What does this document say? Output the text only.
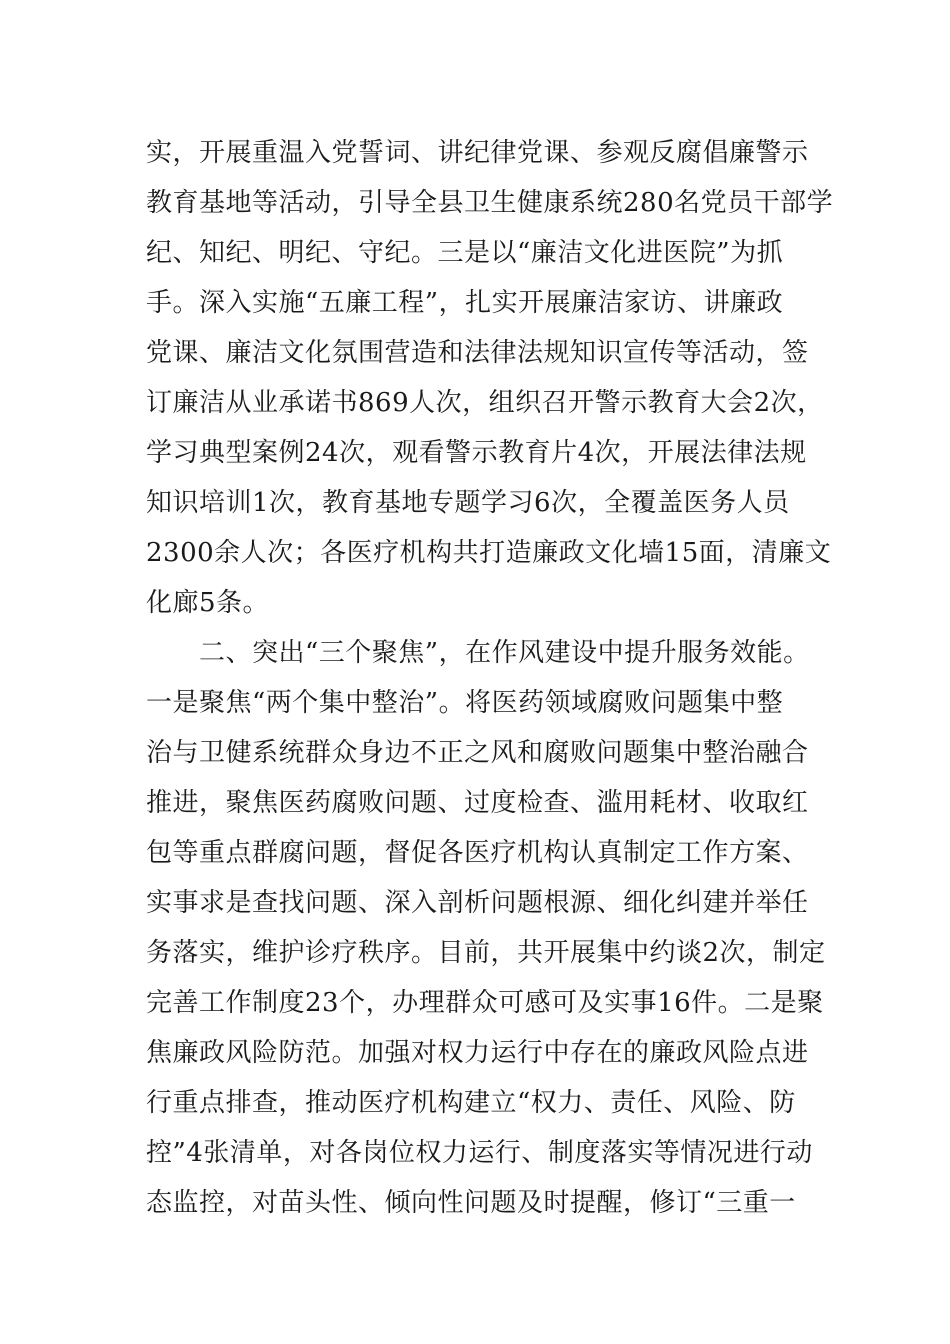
实，开展重温入党誓词、讲纪律党课、参观反腐倡廉警示
教育基地等活动，引导全县卫生健康系统280名党员干部学
纪、知纪、明纪、守纪。三是以“廉洁文化进医院”为抓
手。深入实施“五廉工程”，扎实开展廉洁家访、讲廉政
党课、廉洁文化氛围营造和法律法规知识宣传等活动，签
订廉洁从业承诺书869人次，组织召开警示教育大会2次，
学习典型案例24次，观看警示教育片4次，开展法律法规
知识培训1次，教育基地专题学习6次，全覆盖医务人员
2300余人次；各医疗机构共打造廉政文化墙15面，清廉文
化廊5条。
　　二、突出“三个聚焦”，在作风建设中提升服务效能。
一是聚焦“两个集中整治”。将医药领域腐败问题集中整
治与卫健系统群众身边不正之风和腐败问题集中整治融合
推进，聚焦医药腐败问题、过度检查、滥用耗材、收取红
包等重点群腐问题，督促各医疗机构认真制定工作方案、
实事求是查找问题、深入剖析问题根源、细化纠建并举任
务落实，维护诊疗秩序。目前，共开展集中约谈2次，制定
完善工作制度23个，办理群众可感可及实事16件。二是聚
焦廉政风险防范。加强对权力运行中存在的廉政风险点进
行重点排查，推动医疗机构建立“权力、责任、风险、防
控”4张清单，对各岗位权力运行、制度落实等情况进行动
态监控，对苗头性、倾向性问题及时提醒，修订“三重一
